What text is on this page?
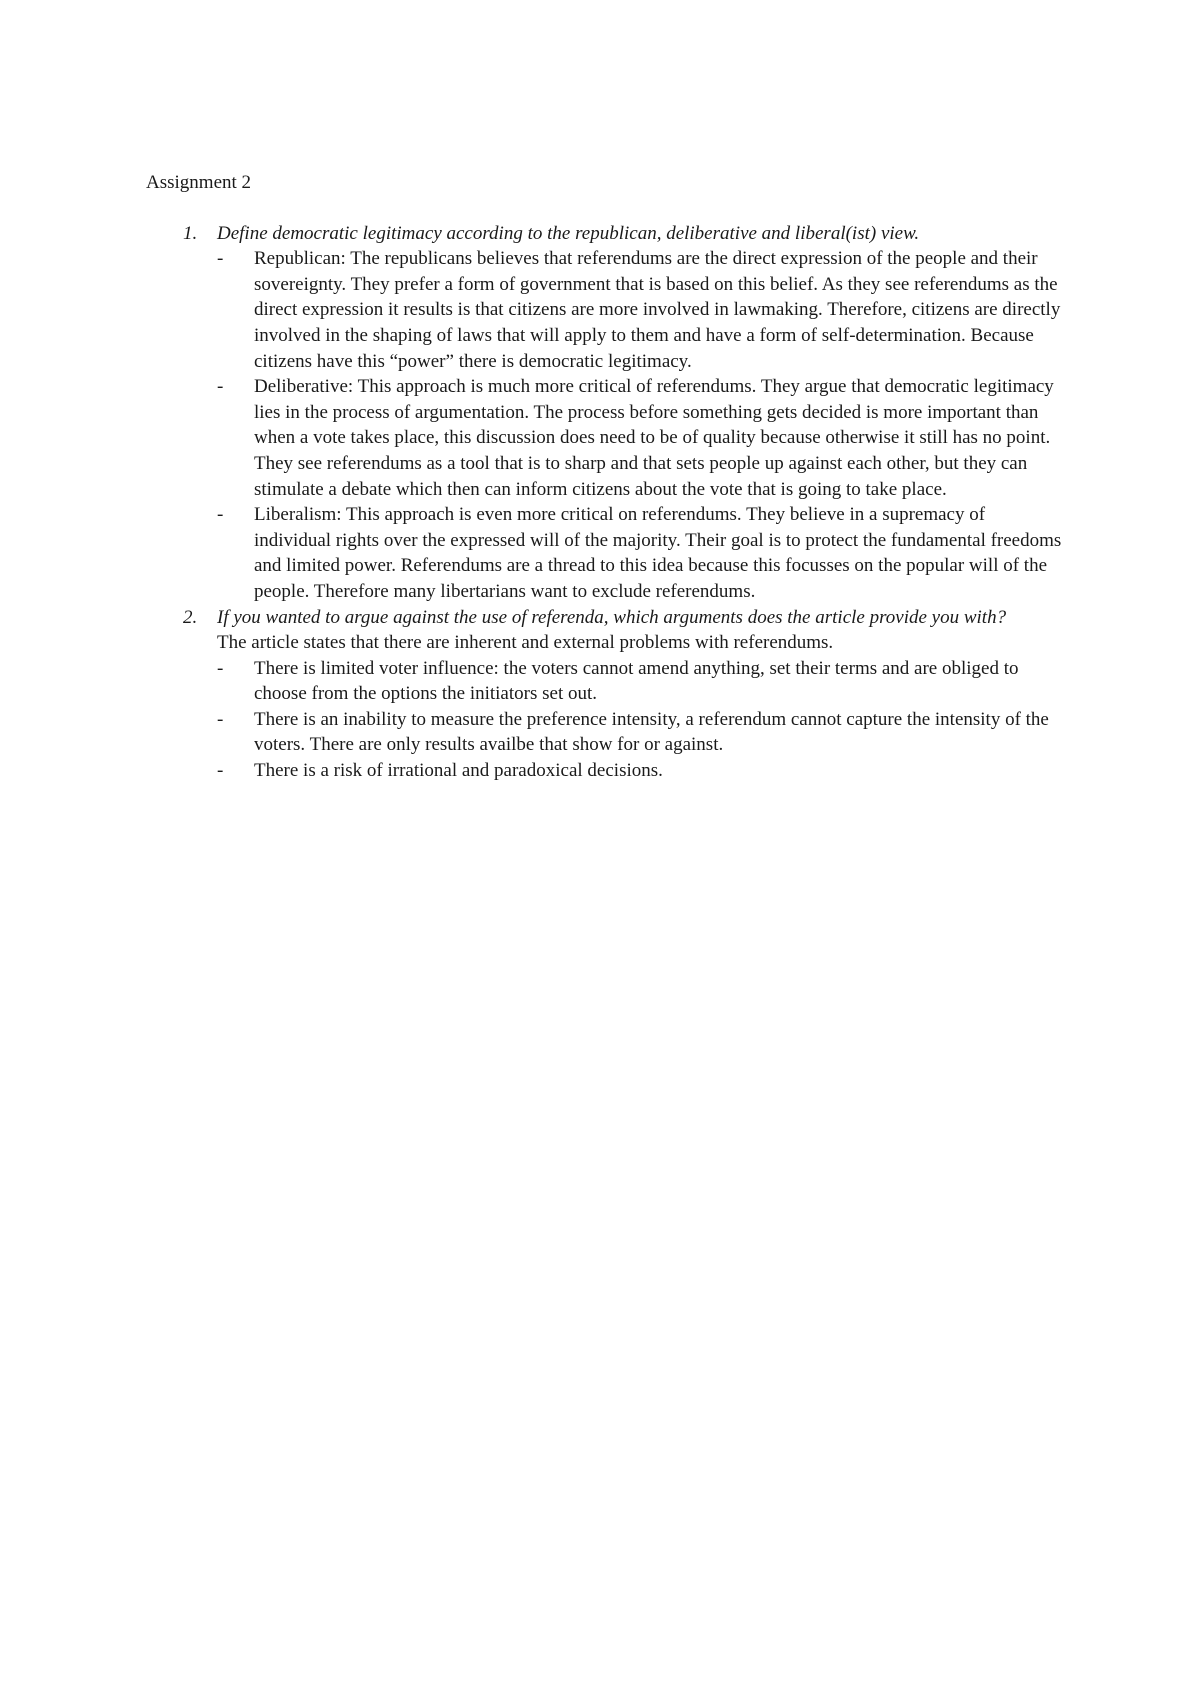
Assignment 2
1. Define democratic legitimacy according to the republican, deliberative and liberal(ist) view.
- Republican: The republicans believes that referendums are the direct expression of the people and their sovereignty. They prefer a form of government that is based on this belief. As they see referendums as the direct expression it results is that citizens are more involved in lawmaking. Therefore, citizens are directly involved in the shaping of laws that will apply to them and have a form of self-determination. Because citizens have this “power” there is democratic legitimacy.
- Deliberative: This approach is much more critical of referendums. They argue that democratic legitimacy lies in the process of argumentation. The process before something gets decided is more important than when a vote takes place, this discussion does need to be of quality because otherwise it still has no point. They see referendums as a tool that is to sharp and that sets people up against each other, but they can stimulate a debate which then can inform citizens about the vote that is going to take place.
- Liberalism: This approach is even more critical on referendums. They believe in a supremacy of individual rights over the expressed will of the majority. Their goal is to protect the fundamental freedoms and limited power. Referendums are a thread to this idea because this focusses on the popular will of the people. Therefore many libertarians want to exclude referendums.
2. If you wanted to argue against the use of referenda, which arguments does the article provide you with?
The article states that there are inherent and external problems with referendums.
- There is limited voter influence: the voters cannot amend anything, set their terms and are obliged to choose from the options the initiators set out.
- There is an inability to measure the preference intensity, a referendum cannot capture the intensity of the voters. There are only results availbe that show for or against.
- There is a risk of irrational and paradoxical decisions.
